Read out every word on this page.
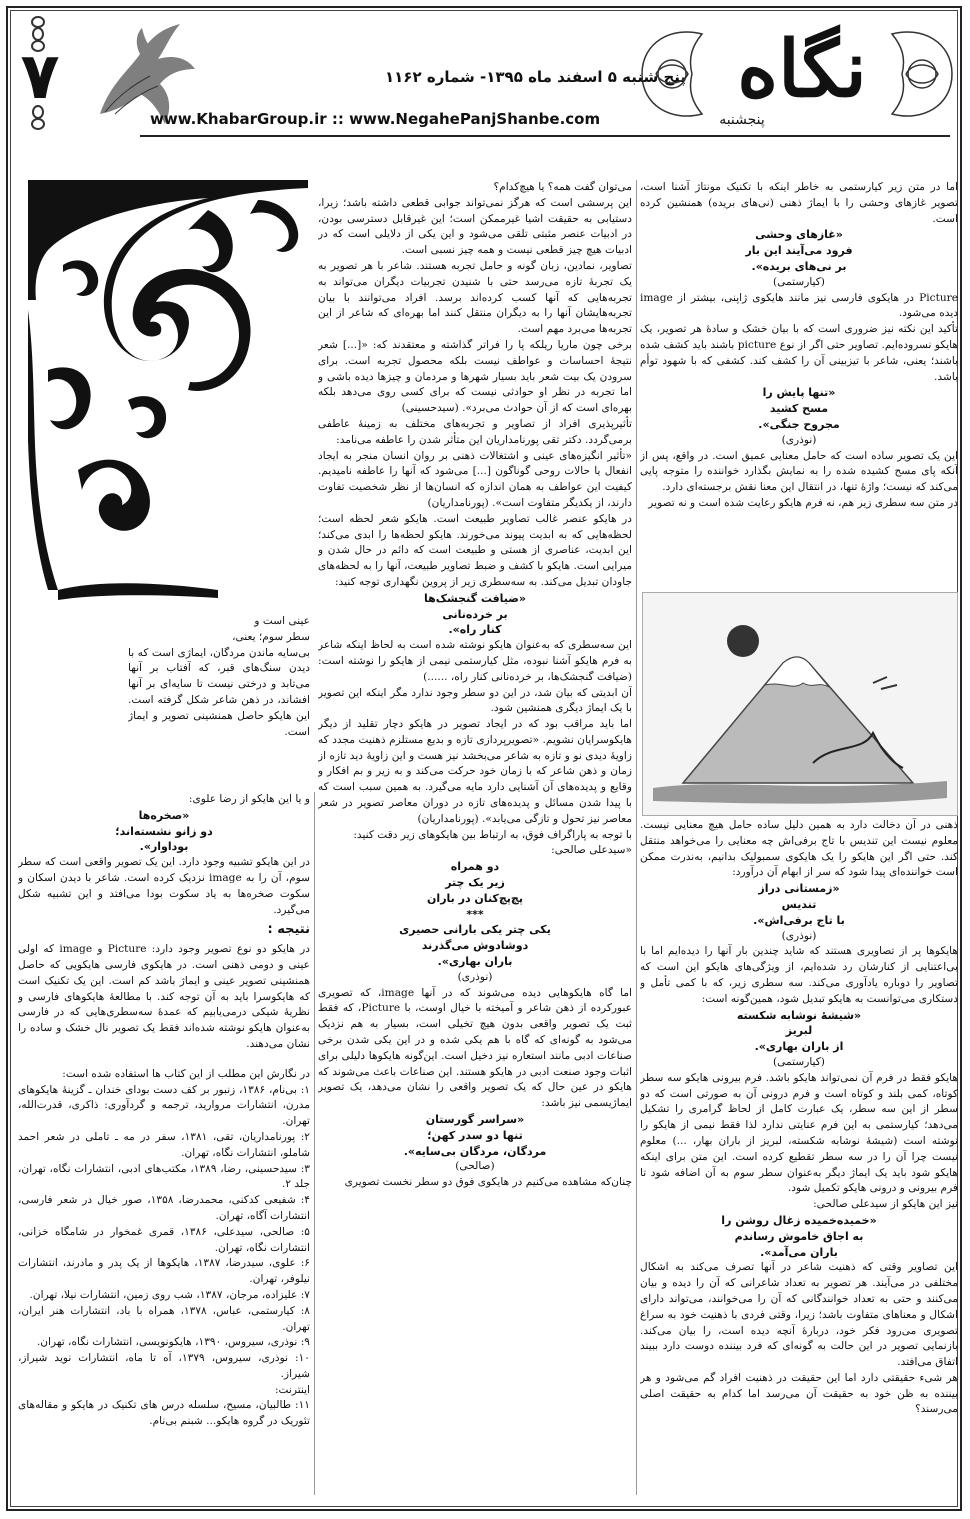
۷
www.KhabarGroup.ir :: www.NegahePanjShanbe.com
پنج شنبه ۵ اسفند ماه ۱۳۹۵- شماره ۱۱۶۲ نگاه
پنجشنبه

اما در متن زیر کیارستمی به خاطر اینکه با تکنیک مونتاژ آشنا است، تصویر غازهای وحشی را با ایماژ ذهنی (نی‌های بریده) همنشین کرده است.

«غازهای وحشی

فرود می‌آیند این بار

بر نی‌های بریده».

(کیارستمی)

Picture در هایکوی فارسی نیز مانند هایکوی ژاپنی، بیشتر از image دیده می‌شود.

تأکید این نکته نیز ضروری است که با بیان خشک و سادهٔ هر تصویر، یک هایکو نسروده‌ایم. تصاویر حتی اگر از نوع picture باشند باید کشف شده باشند؛ یعنی، شاعر با تیزبینی آن را کشف کند. کشفی که با شهود توأم باشد.

«تنها پایش را

مسح کشید

مجروح جنگی».

(نوذری)

این یک تصویر ساده است که حامل معنایی عمیق است. در واقع، پس از آنکه پای مسح کشیده شده را به نمایش بگذارد خواننده را متوجه پایی می‌کند که نیست؛ واژهٔ تنها، در انتقال این معنا نقش برجسته‌ای دارد.

در متن سه سطری زیر هم، نه فرم هایکو رعایت شده است و نه تصویر

ذهنی در آن دخالت دارد به همین دلیل ساده حامل هیچ معنایی نیست. معلوم نیست این تندیس با تاج برفی‌اش چه معنایی را می‌خواهد منتقل کند. حتی اگر این هایکو را یک هایکوی سمبولیک بدانیم، به‌ندرت ممکن است خواننده‌ای پیدا شود که سر از ابهام آن درآورد:

«زمستانی دراز

تندیس

با تاج برفی‌اش».

(نوذری)

هایکوها پر از تصاویری هستند که شاید چندین بار آنها را دیده‌ایم اما با بی‌اعتنایی از کنارشان رد شده‌ایم، از ویژگی‌های هایکو این است که تصاویر را دوباره یادآوری می‌کند. سه سطری زیر، که با کمی تأمل و دستکاری می‌توانست به هایکو تبدیل شود، همین‌گونه است:

«شیشهٔ نوشابه شکسته

لبریز

از باران بهاری».

(کیارستمی)

هایکو فقط در فرم آن نمی‌تواند هایکو باشد. فرم بیرونی هایکو سه سطر کوتاه، کمی بلند و کوتاه است و فرم درونی آن به صورتی است که دو سطر از این سه سطر، یک عبارت کامل از لحاظ گرامری را تشکیل می‌دهد؛ کیارستمی به این فرم عنایتی ندارد لذا فقط نیمی از هایکو را نوشته است (شیشهٔ نوشابه شکسته، لبریز از باران بهار، ...) معلوم نیست چرا آن را در سه سطر تقطیع کرده است. این متن برای اینکه هایکو شود باید یک ایماژ دیگر به‌عنوان سطر سوم به آن اضافه شود تا فرم بیرونی و درونی هایکو تکمیل شود.

نیز این هایکو از سیدعلی صالحی:

«خمیده‌خمیده زغال روشن را

به اجاق خاموش رساندم

باران می‌آمد».

این تصاویر وقتی که ذهنیت شاعر در آنها تصرف می‌کند به اشکال مختلفی در می‌آیند. هر تصویر به تعداد شاعرانی که آن را دیده و بیان می‌کنند و حتی به تعداد خوانندگانی که آن را می‌خوانند، می‌تواند دارای اشکال و معناهای متفاوت باشد؛ زیرا، وقتی فردی با ذهنیت خود به سراغ تصویری می‌رود فکر خود، دربارهٔ آنچه دیده است، را بیان می‌کند. بازنمایی تصویر در این حالت به گونه‌ای که فرد بیننده دوست دارد ببیند اتفاق می‌افتد.

هر شیء حقیقتی دارد اما این حقیقت در ذهنیت افراد گم می‌شود و هر بیننده به ظن خود به حقیقت آن می‌رسد اما کدام به حقیقت اصلی می‌رسند؟

می‌توان گفت همه؟ یا هیچ‌کدام؟

این پرسشی است که هرگز نمی‌تواند جوابی قطعی داشته باشد؛ زیرا، دستیابی به حقیقت اشیا غیرممکن است؛ این غیرقابل دسترسی بودن، در ادبیات عنصر مثبتی تلقی می‌شود و این یکی از دلایلی است که در ادبیات هیچ چیز قطعی نیست و همه چیز نسبی است.

تصاویر، نمادین، زبان گونه و حامل تجربه هستند. شاعر با هر تصویر به یک تجربهٔ تازه می‌رسد حتی با شنیدن تجربیات دیگران می‌تواند به تجربه‌هایی که آنها کسب کرده‌اند برسد. افراد می‌توانند با بیان تجربه‌هایشان آنها را به دیگران منتقل کنند اما بهره‌ای که شاعر از این تجربه‌ها می‌برد مهم است.

برخی چون ماریا ریلکه پا را فراتر گذاشته و معتقدند که: «[...] شعر نتیجهٔ احساسات و عواطف نیست بلکه محصول تجربه است. برای سرودن یک بیت شعر باید بسیار شهرها و مردمان و چیزها دیده باشی و اما تجربه در نظر او حوادثی نیست که برای کسی روی می‌دهد بلکه بهره‌ای است که از آن حوادث می‌برد». (سیدحسینی)

تأثیرپذیری افراد از تصاویر و تجربه‌های مختلف به زمینهٔ عاطفی برمی‌گردد. دکتر تقی پورنامداریان این متأثر شدن را عاطفه می‌نامد:

«تأثیر انگیزه‌های عینی و اشتغالات ذهنی بر روان انسان منجر به ایجاد انفعال یا حالات روحی گوناگون [...] می‌شود که آنها را عاطفه نامیدیم. کیفیت این عواطف به همان اندازه که انسان‌ها از نظر شخصیت تفاوت دارند، از یکدیگر متفاوت است». (پورنامداریان)

در هایکو عنصر غالب تصاویر طبیعت است. هایکو شعر لحظه است؛ لحظه‌هایی که به ابدیت پیوند می‌خورند. هایکو لحظه‌ها را ابدی می‌کند؛ این ابدیت، عناصری از هستی و طبیعت است که دائم در حال شدن و میرایی است. هایکو با کشف و ضبط تصاویر طبیعت، آنها را به لحظه‌های جاودان تبدیل می‌کند. به سه‌سطری زیر از پروین نگهداری توجه کنید:

«ضیافت گنجشک‌ها

بر خرده‌نانی

کنار راه».

این سه‌سطری که به‌عنوان هایکو نوشته شده است به لحاظ اینکه شاعر به فرم هایکو آشنا نبوده، مثل کیارستمی نیمی از هایکو را نوشته است: (ضیافت گنجشک‌ها، بر خرده‌نانی کنار راه، ......)

آن ابدیتی که بیان شد، در این دو سطر وجود ندارد مگر اینکه این تصویر با یک ایماژ دیگری همنشین شود.

اما باید مراقب بود که در ایجاد تصویر در هایکو دچار تقلید از دیگر هایکوسرایان نشویم. «تصویرپردازی تازه و بدیع مستلزم ذهنیت مجدد که زاویهٔ دیدی نو و تازه به شاعر می‌بخشد نیز هست و این زاویهٔ دید تازه از زمان و ذهن شاعر که با زمان خود حرکت می‌کند و به زیر و بم افکار و وقایع و پدیده‌های آن آشنایی دارد مایه می‌گیرد. به همین سبب است که با پیدا شدن مسائل و پدیده‌های تازه در دوران معاصر تصویر در شعر معاصر نیز تحول و تازگی می‌یابد». (پورنامداریان)

با توجه به پاراگراف فوق، به ارتباط بین هایکوهای زیر دقت کنید:

«سیدعلی صالحی:

دو همراه

زیر یک چتر

پچ‌پچ‌کنان در باران

***

یکی چتر یکی بارانی حصیری

دوشادوش می‌گذرند

باران بهاری».

(نوذری)

اما گاه هایکوهایی دیده می‌شوند که در آنها image، که تصویری عبورکرده از ذهن شاعر و آمیخته با خیال اوست، با Picture، که فقط ثبت یک تصویر واقعی بدون هیچ تخیلی است، بسیار به هم نزدیک می‌شود به گونه‌ای که گاه با هم یکی شده و در این یکی شدن برخی صناعات ادبی مانند استعاره نیز دخیل است. این‌گونه هایکوها دلیلی برای اثبات وجود صنعت ادبی در هایکو هستند. این صناعات باعث می‌شوند که هایکو در عین حال که یک تصویر واقعی را نشان می‌دهد، یک تصویر ایماژیسمی نیز باشد:

«سراسر گورستان

تنها دو سدر کهن؛

مردگان، مردگان بی‌سایه».

(صالحی)

چنان‌که مشاهده می‌کنیم در هایکوی فوق دو سطر نخست تصویری

عینی است و

سطر سوم؛ یعنی،

بی‌سایه ماندن مردگان، ایماژی است که با دیدن سنگ‌های قبر، که آفتاب بر آنها می‌تابد و درختی نیست تا سایه‌ای بر آنها افشاند، در ذهن شاعر شکل گرفته است. این هایکو حاصل همنشینی تصویر و ایماژ است.

و یا این هایکو از رضا علوی:

«صخره‌ها

دو زانو نشسته‌اند؛

بودا‌وار».

در این هایکو تشبیه وجود دارد. این یک تصویر واقعی است که سطر سوم، آن را به image نزدیک کرده است. شاعر با دیدن اسکان و سکوت صخره‌ها به یاد سکوت بودا می‌افتد و این تشبیه شکل می‌گیرد.

نتیجه :

در هایکو دو نوع تصویر وجود دارد: Picture و image که اولی عینی و دومی ذهنی است. در هایکوی فارسی هایکویی که حاصل همنشینی تصویر عینی و ایماژ باشد کم است. این یک تکنیک است که هایکوسرا باید به آن توجه کند. با مطالعهٔ هایکوهای فارسی و نظریهٔ شیکی درمی‌یابیم که عمدهٔ سه‌سطری‌هایی که در فارسی به‌عنوان هایکو نوشته شده‌اند فقط یک تصویر نال خشک و ساده را نشان می‌دهند.

در نگارش این مطلب از این کتاب ها استفاده شده است:

۱: بی‌نام، ۱۳۸۶، زنبور بر کف دست بودای خندان ـ گزینهٔ هایکوهای مدرن، انتشارات مروارید، ترجمه و گردآوری: ذاکری، قدرت‌الله، تهران.

۲: پورنامداریان، تقی، ۱۳۸۱، سفر در مه ـ تاملی در شعر احمد شاملو، انتشارات نگاه، تهران.

۳: سیدحسینی، رضا، ۱۳۸۹، مکتب‌های ادبی، انتشارات نگاه، تهران، جلد ۲.

۴: شفیعی کدکنی، محمدرضا، ۱۳۵۸، صور خیال در شعر فارسی، انتشارات آگاه، تهران.

۵: صالحی، سیدعلی، ۱۳۸۶، قمری غمخوار در شامگاه خزانی، انتشارات نگاه، تهران.

۶: علوی، سیدرضا، ۱۳۸۷، هایکوها از یک پدر و مادرند، انتشارات نیلوفر، تهران.

۷: علیزاده، مرجان، ۱۳۸۷، شب روی زمین، انتشارات نیلا، تهران.

۸: کیارستمی، عباس، ۱۳۷۸، همراه با باد، انتشارات هنر ایران، تهران.

۹: نوذری، سیروس، ۱۳۹۰، هایکونویسی، انتشارات نگاه، تهران.

۱۰: نوذری، سیروس، ۱۳۷۹، آه تا ماه، انتشارات نوید شیراز، شیراز.

اینترنت:

۱۱: طالبیان، مسیح، سلسله درس های تکنیک در هایکو و مقاله‌های تئوریک در گروه هایکو... شبنم بی‌نام.
